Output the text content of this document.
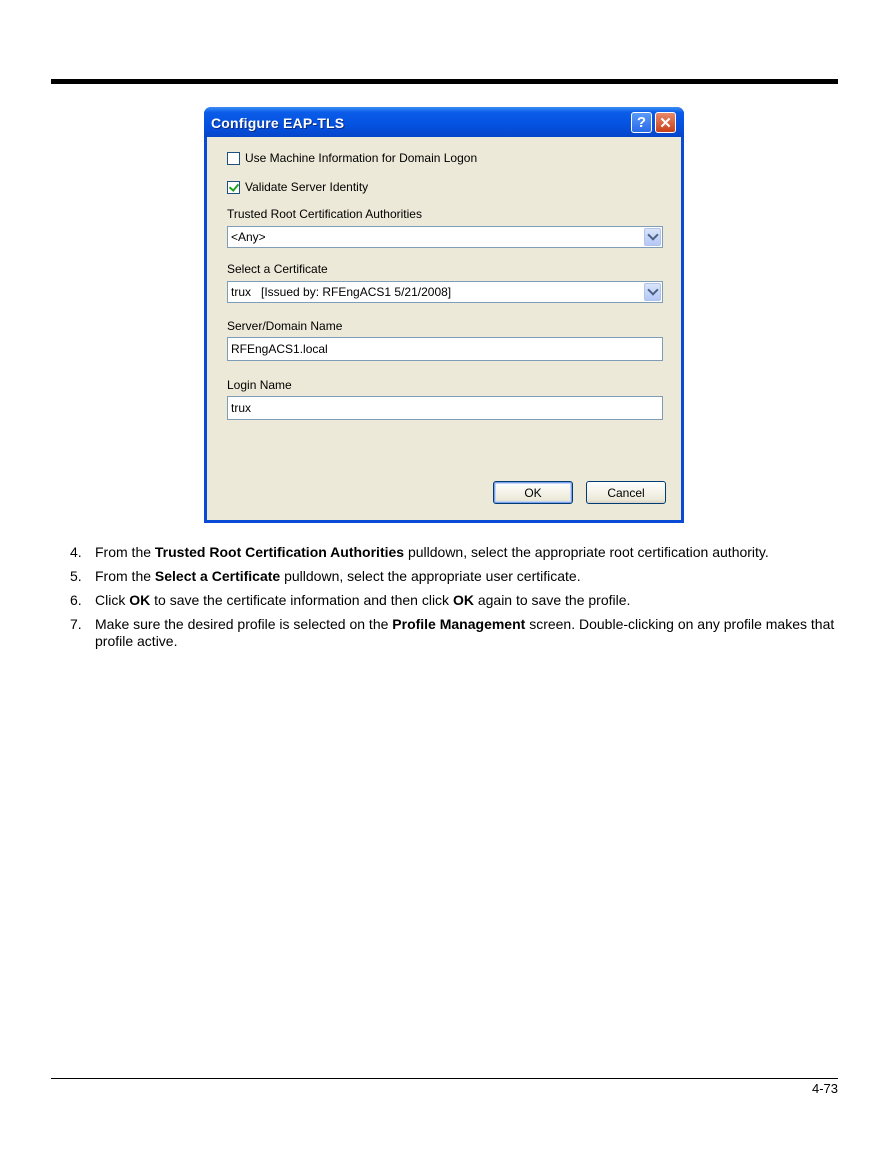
Configure EAP-TLS	? ✕
Use Machine Information for Domain Logon
Validate Server Identity
Trusted Root Certification Authorities
<Any>
Select a Certificate
trux   [Issued by: RFEngACS1 5/21/2008]
Server/Domain Name
RFEngACS1.local
Login Name
trux
OK	Cancel
4. From the Trusted Root Certification Authorities pulldown, select the appropriate root certification authority.
5. From the Select a Certificate pulldown, select the appropriate user certificate.
6. Click OK to save the certificate information and then click OK again to save the profile.
7. Make sure the desired profile is selected on the Profile Management screen. Double-clicking on any profile makes that profile active.
4-73
